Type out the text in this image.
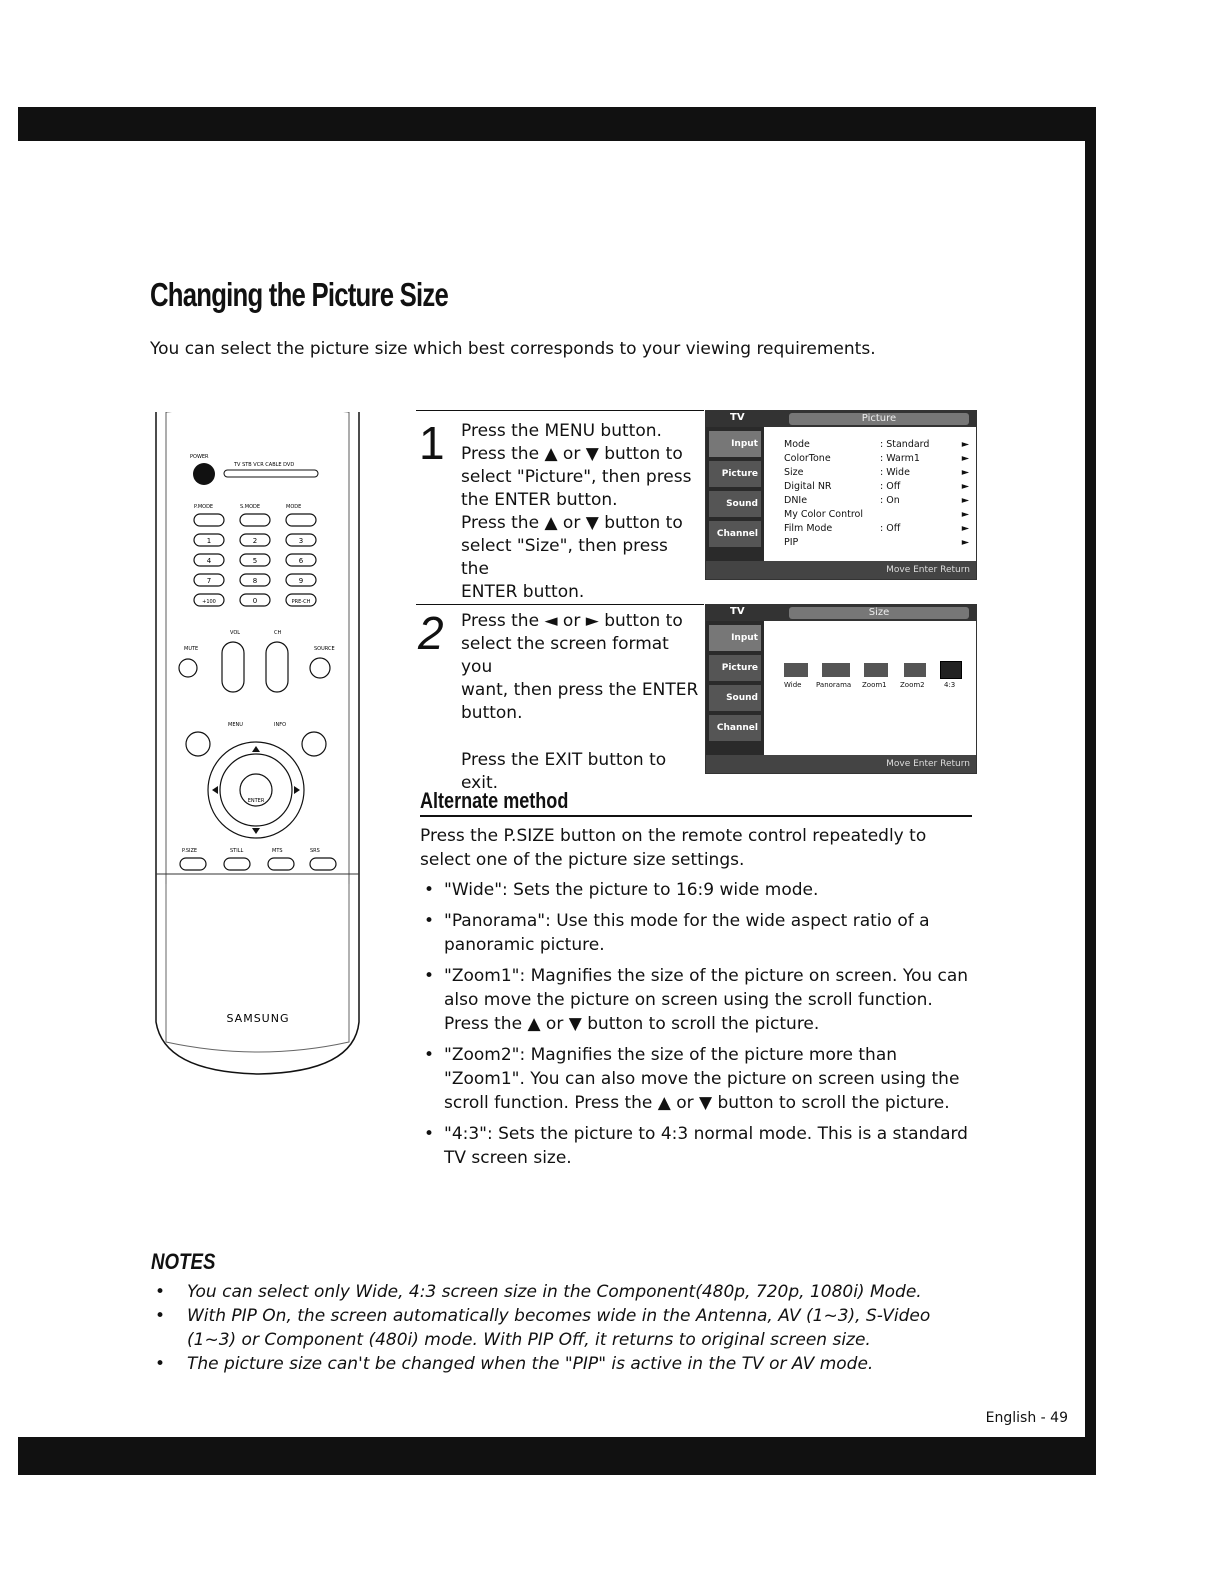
Changing the Picture Size
You can select the picture size which best corresponds to your viewing requirements.
POWER
TV STB VCR CABLE DVD
P.MODE	S.MODE	MODE
1	2	3
4	5	6
7	8	9
+100	0	PRE-CH
MUTE
VOL	CH
SOURCE
MENU	INFO
ENTER
P.SIZE	STILL	MTS	SRS
SAMSUNG
1 Press the MENU button.

Press the ▲ or ▼ button to

select "Picture", then press

the ENTER button.

Press the ▲ or ▼ button to

select "Size", then press the

ENTER button.

TV	Picture
Input
Picture
Sound
Channel
Mode	: Standard	►
ColorTone	: Warm1	►
Size	: Wide	►
Digital NR	: Off	►
DNIe	: On	►
My Color Control	►
Film Mode	: Off	►
PIP	►
Move Enter Return
2 Press the ◄ or ► button to

select the screen format you

want, then press the ENTER

button.

Press the EXIT button to exit.

TV	Size
Input
Picture
Sound
Channel
Wide Panorama Zoom1 Zoom2	4:3
Move Enter Return
Alternate method
Press the P.SIZE button on the remote control repeatedly to select one of the picture size settings.
• "Wide": Sets the picture to 16:9 wide mode.
• "Panorama": Use this mode for the wide aspect ratio of a panoramic picture.
• "Zoom1": Magnifies the size of the picture on screen. You can also move the picture on screen using the scroll function. Press the ▲ or ▼ button to scroll the picture.
• "Zoom2": Magnifies the size of the picture more than "Zoom1". You can also move the picture on screen using the scroll function. Press the ▲ or ▼ button to scroll the picture.
• "4:3": Sets the picture to 4:3 normal mode. This is a standard TV screen size.
NOTES
• You can select only Wide, 4:3 screen size in the Component(480p, 720p, 1080i) Mode.
• With PIP On, the screen automatically becomes wide in the Antenna, AV (1~3), S-Video (1~3) or Component (480i) mode. With PIP Off, it returns to original screen size.
• The picture size can't be changed when the "PIP" is active in the TV or AV mode.
English - 49
